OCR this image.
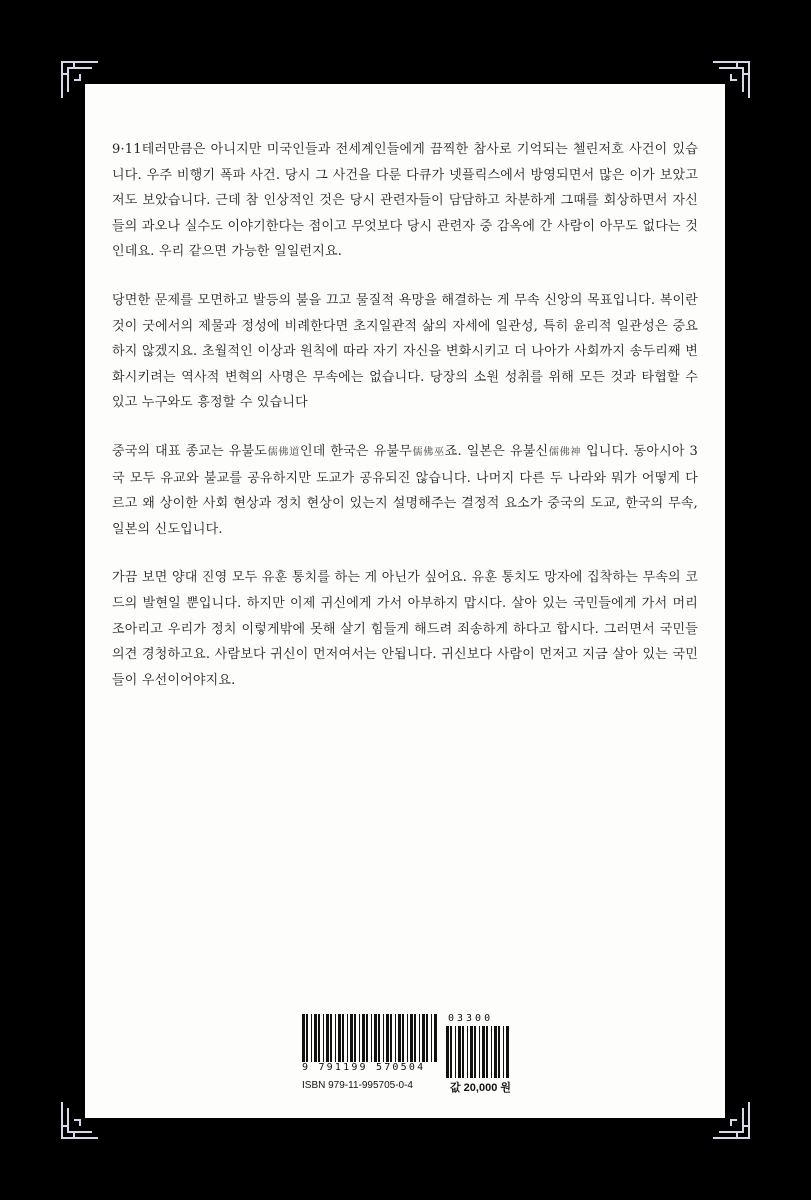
9·11테러만큼은 아니지만 미국인들과 전세계인들에게 끔찍한 참사로 기억되는 첼린저호 사건이 있습니다. 우주 비행기 폭파 사건. 당시 그 사건을 다룬 다큐가 넷플릭스에서 방영되면서 많은 이가 보았고 저도 보았습니다. 근데 참 인상적인 것은 당시 관련자들이 담담하고 차분하게 그때를 회상하면서 자신들의 과오나 실수도 이야기한다는 점이고 무엇보다 당시 관련자 중 감옥에 간 사람이 아무도 없다는 것인데요. 우리 같으면 가능한 일일런지요.

당면한 문제를 모면하고 발등의 불을 끄고 물질적 욕망을 해결하는 게 무속 신앙의 목표입니다. 복이란 것이 굿에서의 제물과 정성에 비례한다면 초지일관적 삶의 자세에 일관성, 특히 윤리적 일관성은 중요하지 않겠지요. 초월적인 이상과 원칙에 따라 자기 자신을 변화시키고 더 나아가 사회까지 송두리째 변화시키려는 역사적 변혁의 사명은 무속에는 없습니다. 당장의 소원 성취를 위해 모든 것과 타협할 수 있고 누구와도 흥정할 수 있습니다

중국의 대표 종교는 유불도儒佛道인데 한국은 유불무儒佛巫죠. 일본은 유불신儒佛神 입니다. 동아시아 3국 모두 유교와 불교를 공유하지만 도교가 공유되진 않습니다. 나머지 다른 두 나라와 뭐가 어떻게 다르고 왜 상이한 사회 현상과 정치 현상이 있는지 설명해주는 결정적 요소가 중국의 도교, 한국의 무속, 일본의 신도입니다.

가끔 보면 양대 진영 모두 유훈 통치를 하는 게 아닌가 싶어요. 유훈 통치도 망자에 집착하는 무속의 코드의 발현일 뿐입니다. 하지만 이제 귀신에게 가서 아부하지 맙시다. 살아 있는 국민들에게 가서 머리 조아리고 우리가 정치 이렇게밖에 못해 살기 힘들게 해드려 죄송하게 하다고 합시다. 그러면서 국민들 의견 경청하고요. 사람보다 귀신이 먼저여서는 안됩니다. 귀신보다 사람이 먼저고 지금 살아 있는 국민들이 우선이어야지요.

9 791199 570504
03300
ISBN 979-11-995705-0-4	값 20,000 원
